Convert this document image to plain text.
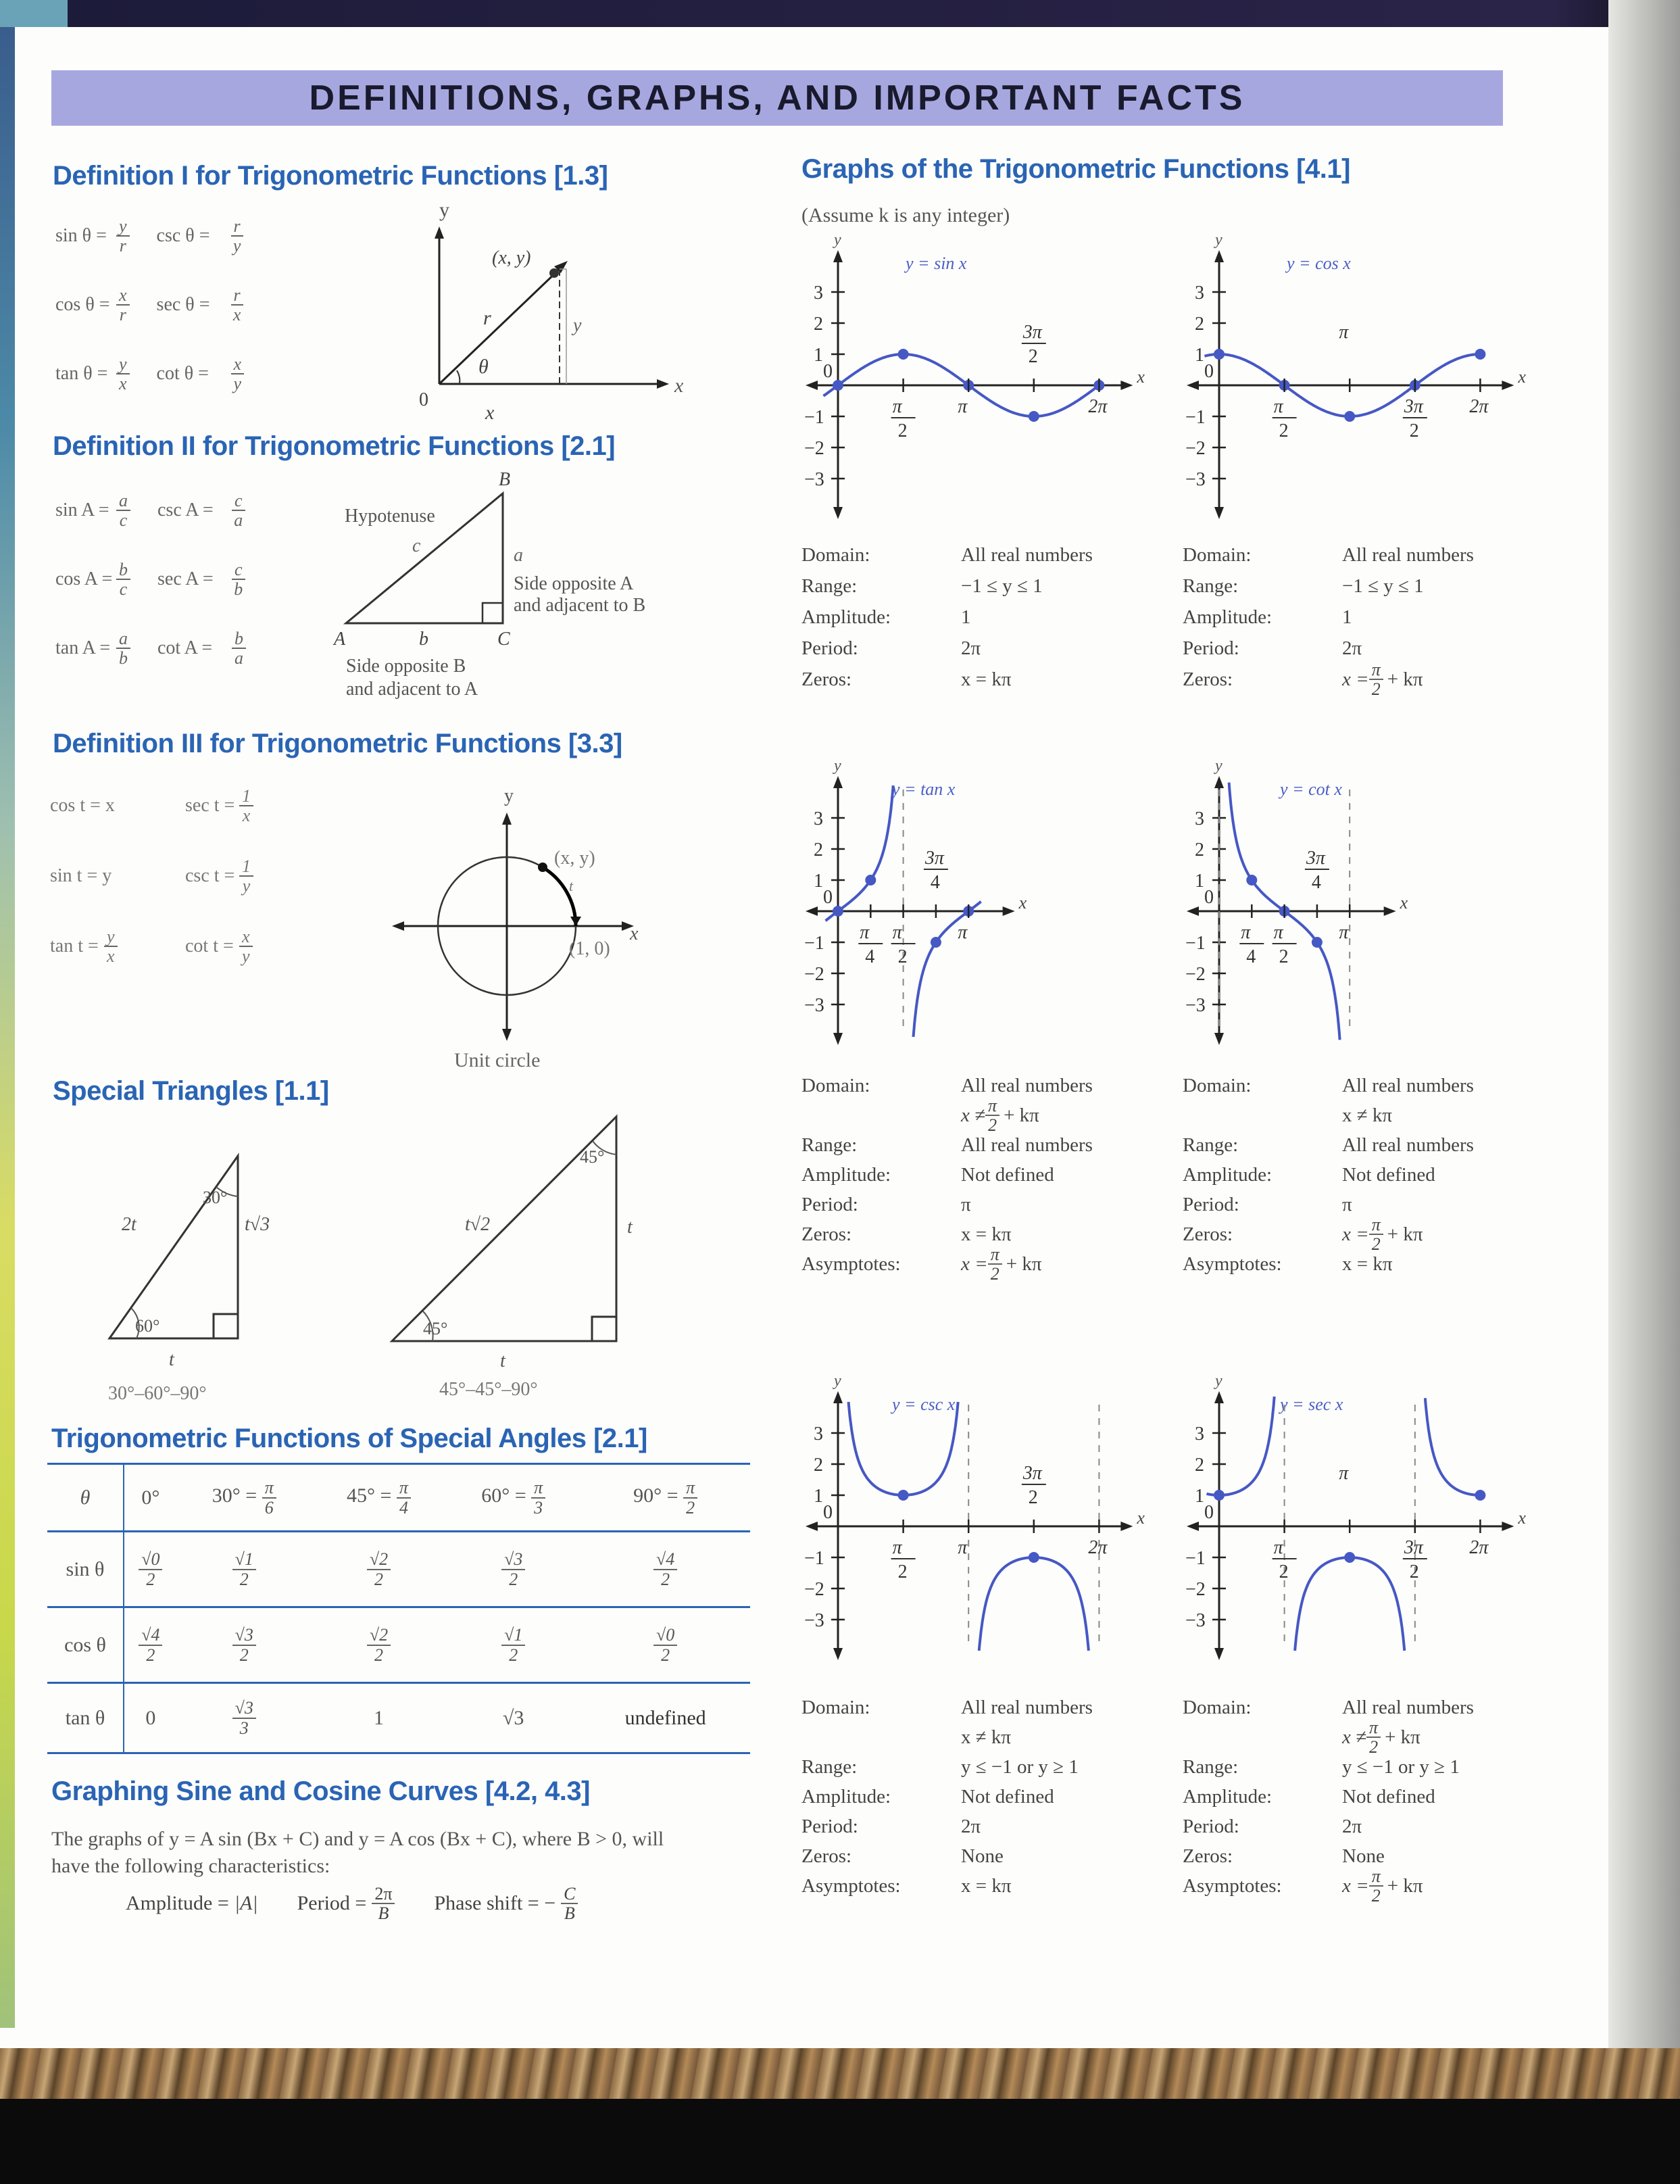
DEFINITIONS, GRAPHS, AND IMPORTANT FACTS
Definition I for Trigonometric Functions [1.3]
$\sin \theta = \frac{y}{r}$ csc θ =	$\frac{r}{y}$
$\cos \theta = \frac{x}{r}$ sec θ =	$\frac{r}{x}$
$\tan \theta = \frac{y}{x}$ cot θ =	$\frac{x}{y}$
y
x
(x, y)
r	y
θ
0
x
Definition II for Trigonometric Functions [2.1]
$\sin A = \frac{a}{c}$ csc A =	$\frac{c}{a}$
$\cos A = \frac{b}{c}$ sec A =	$\frac{c}{b}$
$\tan A = \frac{a}{b}$ cot A =	$\frac{b}{a}$
B
Hypotenuse
c	a
Side opposite A
and adjacent to B
A	b	C
Side opposite B
and adjacent to A
Definition III for Trigonometric Functions [3.3]
cos t = x	$\sec t = \frac{1}{x}$
sin t = y	$\csc t = \frac{1}{y}$
$\tan t = \frac{y}{x}$	$\cot t = \frac{x}{y}$
y
x
(x, y)
t
(1, 0)
Unit circle
Special Triangles [1.1]
30°
2t	t√3
60°
t
30°–60°–90°
45°
t√2	t
45°
t
45°–45°–90°
Trigonometric Functions of Special Angles [2.1]
θ	0°	$30^\circ = \frac{\pi}{6}$	$45^\circ = \frac{\pi}{4}$	$60^\circ = \frac{\pi}{3}$	$90^\circ = \frac{\pi}{2}$

sin θ	$\frac{√0}{2}$	$\frac{√1}{2}$	$\frac{√2}{2}$	$\frac{√3}{2}$	$\frac{√4}{2}$

cos θ	$\frac{√4}{2}$	$\frac{√3}{2}$	$\frac{√2}{2}$	$\frac{√1}{2}$	$\frac{√0}{2}$

tan θ	0	$\frac{√3}{3}$	1	√3	undefined
Graphing Sine and Cosine Curves [4.2, 4.3]
The graphs of y = A sin (Bx + C) and y = A cos (Bx + C), where B > 0, will
have the following characteristics:
Amplitude = |A| Period = $\frac{2\pi}{B}$ Phase shift = − $\frac{C}{B}$
Graphs of the Trigonometric Functions [4.1]
(Assume k is any integer)
y
x
3
2
1
−1
−2
−3
0
y = sin x
π
2
π
3π
2
2π
y
x
3
2
1
−1
−2
−3
0
y = cos x
π
2
π
3π
2
2π
Domain:	All real numbers
Range:	−1 ≤ y ≤ 1
Amplitude:	1
Period:	2π
Zeros:	x = kπ
Domain:	All real numbers
Range:	−1 ≤ y ≤ 1
Amplitude:	1
Period:	2π
Zeros:	$x = \frac{\pi}{2} + k\pi$
y
x
3
2
1
−1
−2
−3
0
y = tan x
π
4
π
2
3π
4
π
y
x
3
2
1
−1
−2
−3
0
y = cot x
π
4
π
2
3π
4
π
Domain:	All real numbers
$x \ne \frac{\pi}{2} + k\pi$
Range:	All real numbers
Amplitude:	Not defined
Period:	π
Zeros:	x = kπ
Asymptotes:	$x = \frac{\pi}{2} + k\pi$
Domain:	All real numbers
x ≠ kπ
Range:	All real numbers
Amplitude:	Not defined
Period:	π
Zeros:	$x = \frac{\pi}{2} + k\pi$
Asymptotes:	x = kπ
y
x
3
2
1
−1
−2
−3
0
y = csc x
π
2
π
3π
2
2π
y
x
3
2
1
−1
−2
−3
0
y = sec x
π
2
π
3π
2
2π
Domain:	All real numbers
x ≠ kπ
Range:	y ≤ −1 or y ≥ 1
Amplitude:	Not defined
Period:	2π
Zeros:	None
Asymptotes:	x = kπ
Domain:	All real numbers
$x \ne \frac{\pi}{2} + k\pi$
Range:	y ≤ −1 or y ≥ 1
Amplitude:	Not defined
Period:	2π
Zeros:	None
Asymptotes:	$x = \frac{\pi}{2} + k\pi$
